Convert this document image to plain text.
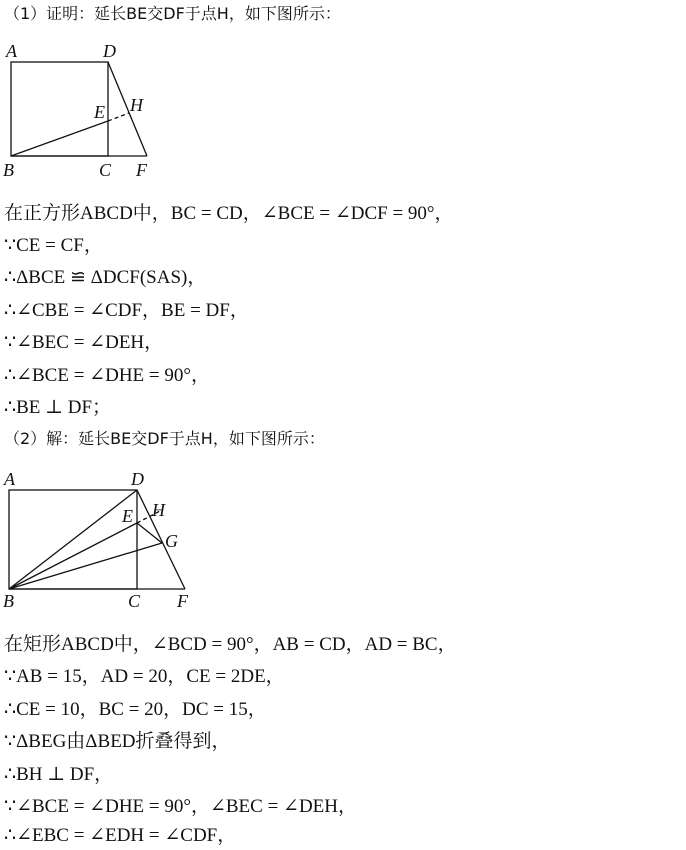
（1）证明：延长BE交DF于点H，如下图所示：
A	D
E H
B	C F
在正方形ABCD中，BC = CD，∠BCE = ∠DCF = 90°，
∵CE = CF，
∴ΔBCE ≌ ΔDCF(SAS)，
∴∠CBE = ∠CDF，BE = DF，
∵∠BEC = ∠DEH，
∴∠BCE = ∠DHE = 90°，
∴BE ⊥ DF；
（2）解：延长BE交DF于点H，如下图所示：
A	D
E H
G
B	C F
在矩形ABCD中，∠BCD = 90°，AB = CD，AD = BC，
∵AB = 15，AD = 20，CE = 2DE，
∴CE = 10，BC = 20，DC = 15，
∵ΔBEG由ΔBED折叠得到，
∴BH ⊥ DF，
∵∠BCE = ∠DHE = 90°，∠BEC = ∠DEH，
∴∠EBC = ∠EDH = ∠CDF，
